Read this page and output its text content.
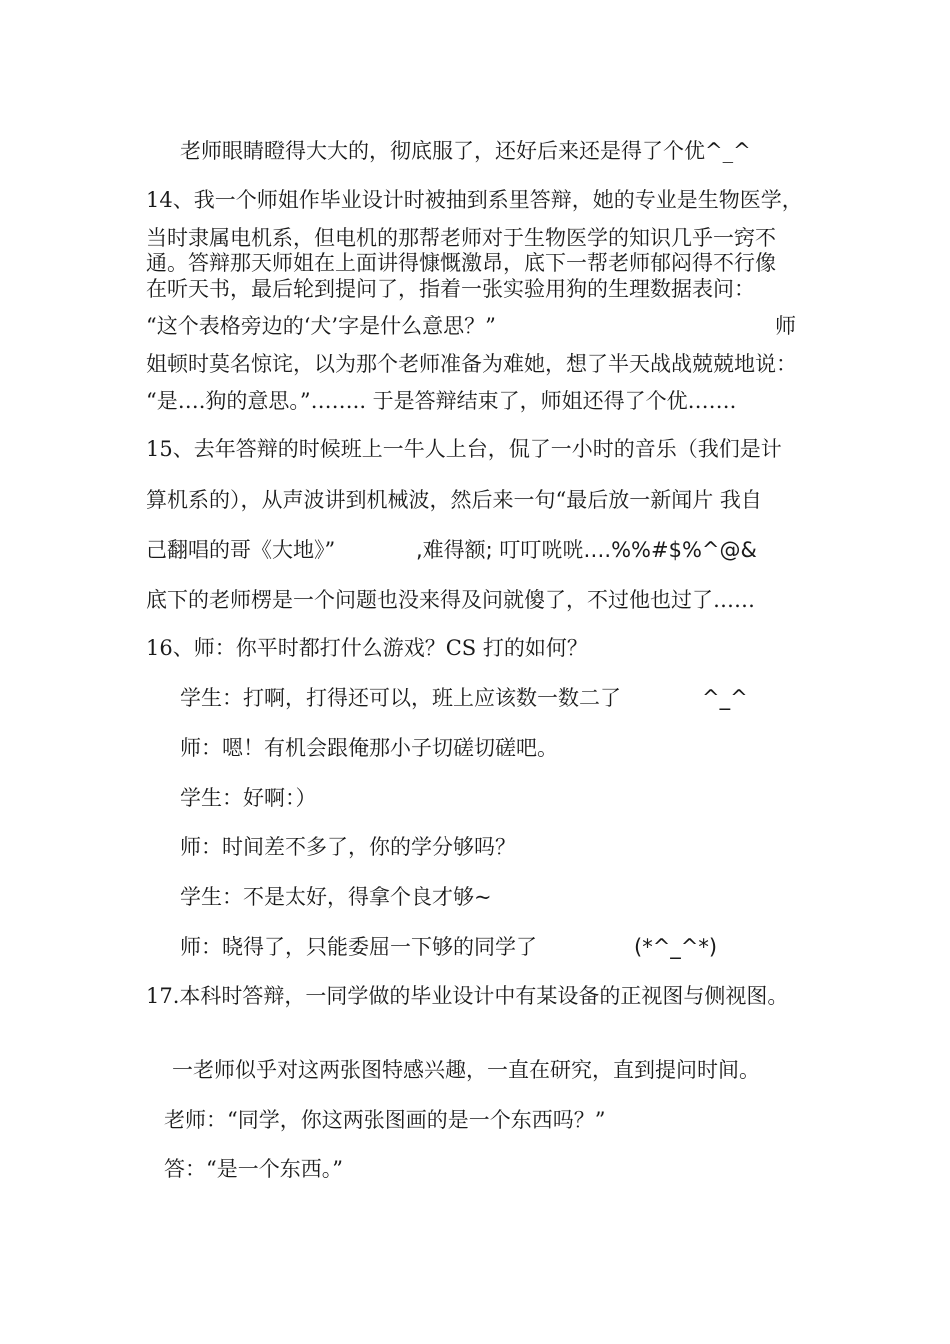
老师眼睛瞪得大大的，彻底服了，还好后来还是得了个优^_^
14、我一个师姐作毕业设计时被抽到系里答辩，她的专业是生物医学，
当时隶属电机系，但电机的那帮老师对于生物医学的知识几乎一窍不
通。答辩那天师姐在上面讲得慷慨激昂，底下一帮老师郁闷得不行像
在听天书，最后轮到提问了，指着一张实验用狗的生理数据表问：
“这个表格旁边的‘犬’字是什么意思？”	师
姐顿时莫名惊诧，以为那个老师准备为难她，想了半天战战兢兢地说：
“是….狗的意思。”…….. 于是答辩结束了，师姐还得了个优…….
15、去年答辩的时候班上一牛人上台，侃了一小时的音乐（我们是计
算机系的），从声波讲到机械波，然后来一句“最后放一新闻片 我自
己翻唱的哥《大地》”	,难得额; 叮叮咣咣….%%#$%^@&
底下的老师楞是一个问题也没来得及问就傻了，不过他也过了……
16、师：你平时都打什么游戏？CS 打的如何？
学生：打啊，打得还可以，班上应该数一数二了	^_^
师：嗯！有机会跟俺那小子切磋切磋吧。
学生：好啊：）
师：时间差不多了，你的学分够吗？
学生：不是太好，得拿个良才够~
师：晓得了，只能委屈一下够的同学了	(*^_^*)
17.本科时答辩，一同学做的毕业设计中有某设备的正视图与侧视图。
一老师似乎对这两张图特感兴趣，一直在研究，直到提问时间。
老师：“同学，你这两张图画的是一个东西吗？”
答：“是一个东西。”
